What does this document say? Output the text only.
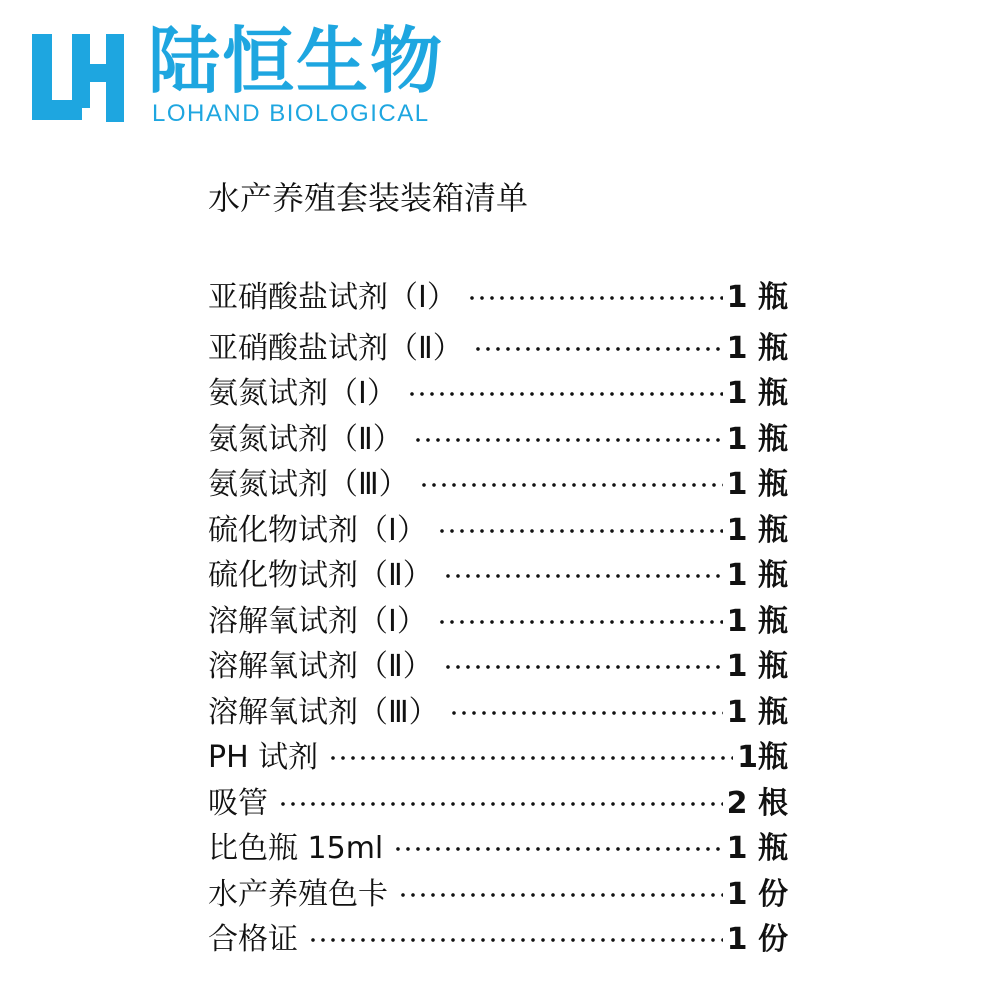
陆恒生物
LOHAND BIOLOGICAL
水产养殖套装装箱清单
亚硝酸盐试剂（Ⅰ）	1 瓶
亚硝酸盐试剂（Ⅱ）	1 瓶
氨氮试剂（Ⅰ）	1 瓶
氨氮试剂（Ⅱ）	1 瓶
氨氮试剂（Ⅲ）	1 瓶
硫化物试剂（Ⅰ）	1 瓶
硫化物试剂（Ⅱ）	1 瓶
溶解氧试剂（Ⅰ）	1 瓶
溶解氧试剂（Ⅱ）	1 瓶
溶解氧试剂（Ⅲ）	1 瓶
PH 试剂	1瓶
吸管	2 根
比色瓶 15ml	1 瓶
水产养殖色卡	1 份
合格证	1 份
